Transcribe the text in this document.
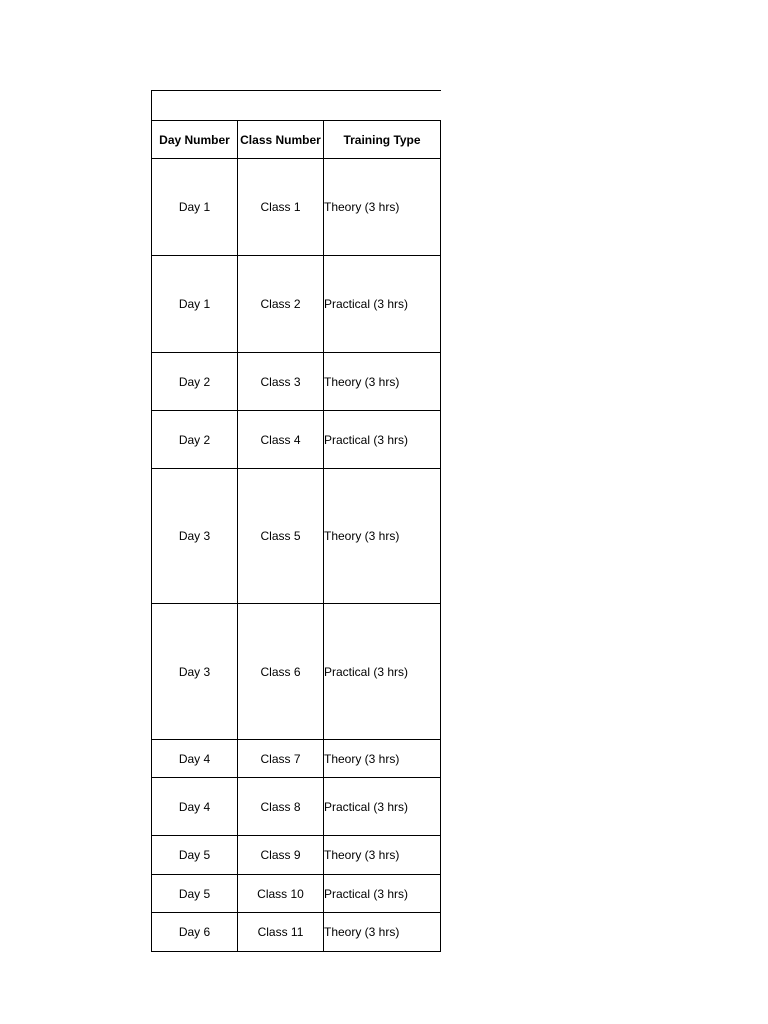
Day Number	Class Number	Training Type
Day 1	Class 1	Theory (3 hrs)
Day 1	Class 2	Practical (3 hrs)
Day 2	Class 3	Theory (3 hrs)
Day 2	Class 4	Practical (3 hrs)
Day 3	Class 5	Theory (3 hrs)
Day 3	Class 6	Practical (3 hrs)
Day 4	Class 7	Theory (3 hrs)
Day 4	Class 8	Practical (3 hrs)
Day 5	Class 9	Theory (3 hrs)
Day 5	Class 10	Practical (3 hrs)
Day 6	Class 11	Theory (3 hrs)
